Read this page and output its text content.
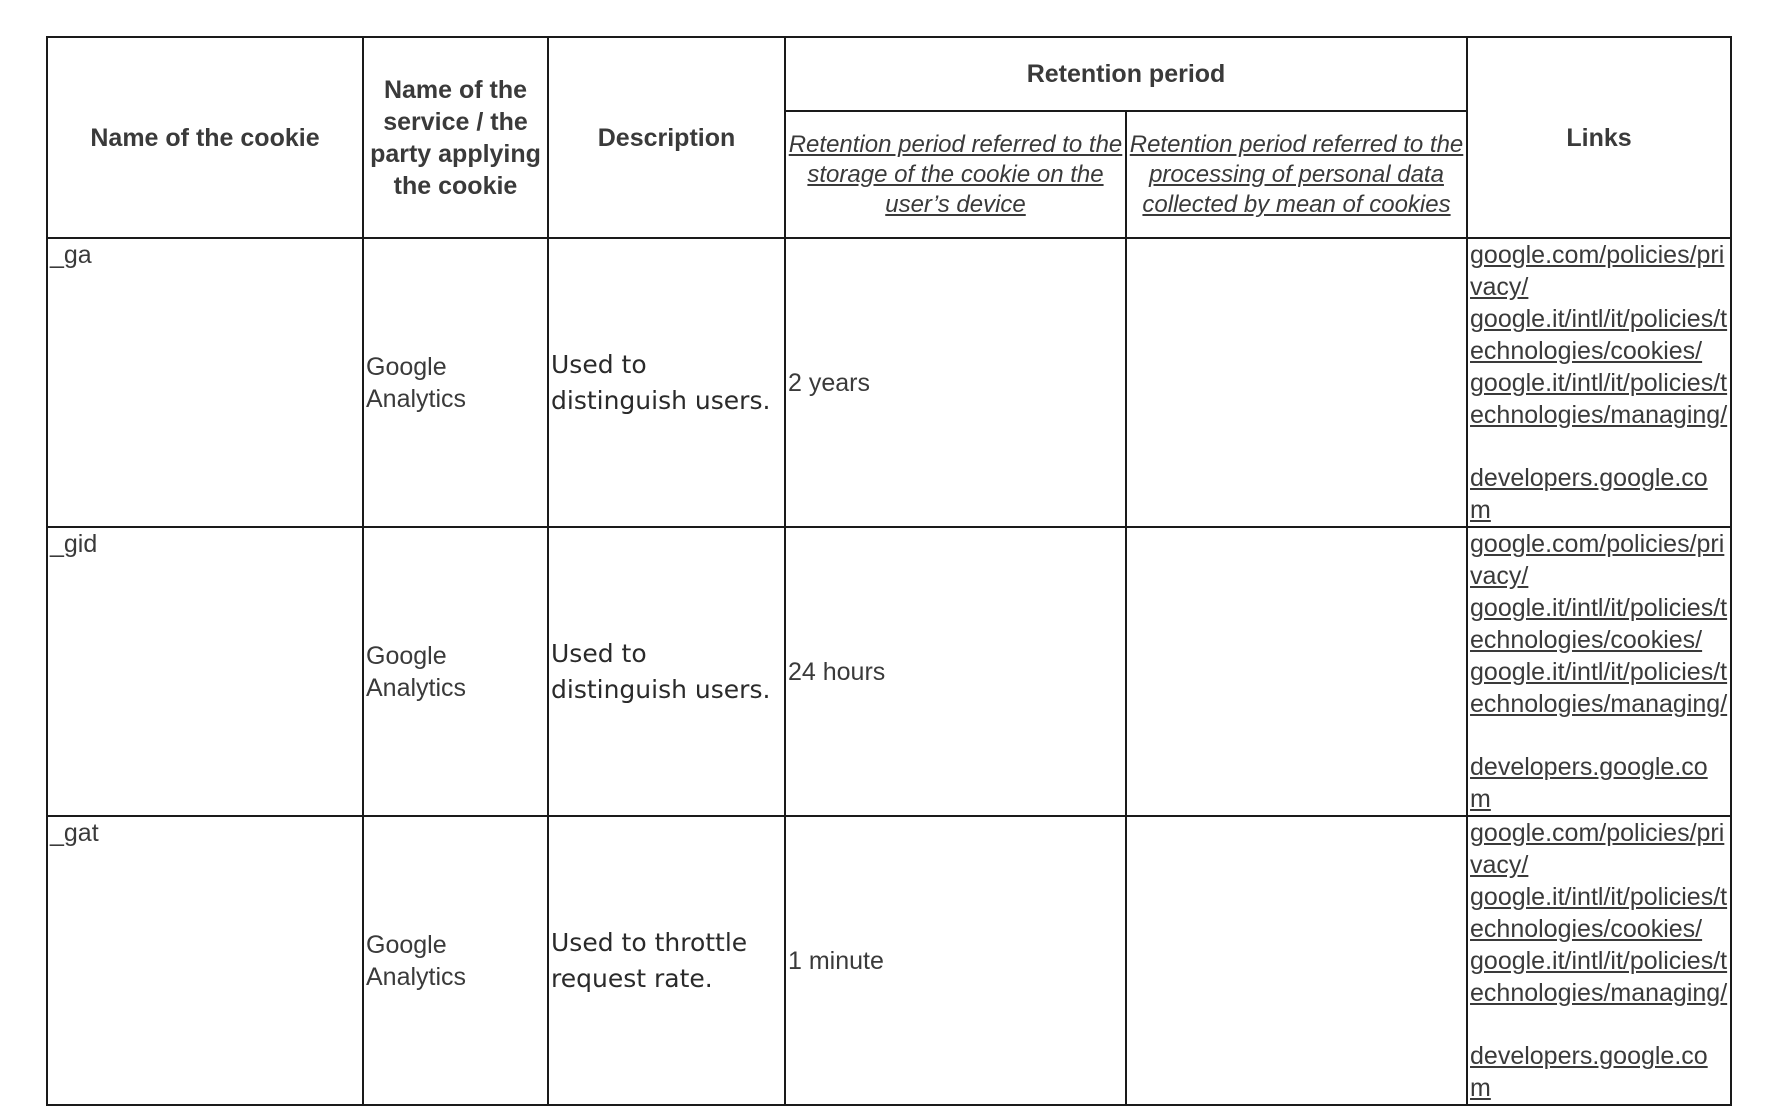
Name of the cookie	Name of the service / the party applying the cookie	Description	Retention period		Links
			Retention period referred to the storage of the cookie on the user’s device	Retention period referred to the processing of personal data collected by mean of cookies	
_ga	Google Analytics	Used to distinguish users.	2 years		google.com/policies/privacy/
google.it/intl/it/policies/technologies/cookies/
google.it/intl/it/policies/technologies/managing/
developers.google.com
_gid	Google Analytics	Used to distinguish users.	24 hours		google.com/policies/privacy/
google.it/intl/it/policies/technologies/cookies/
google.it/intl/it/policies/technologies/managing/
developers.google.com
_gat	Google Analytics	Used to throttle request rate.	1 minute		google.com/policies/privacy/
google.it/intl/it/policies/technologies/cookies/
google.it/intl/it/policies/technologies/managing/
developers.google.com
